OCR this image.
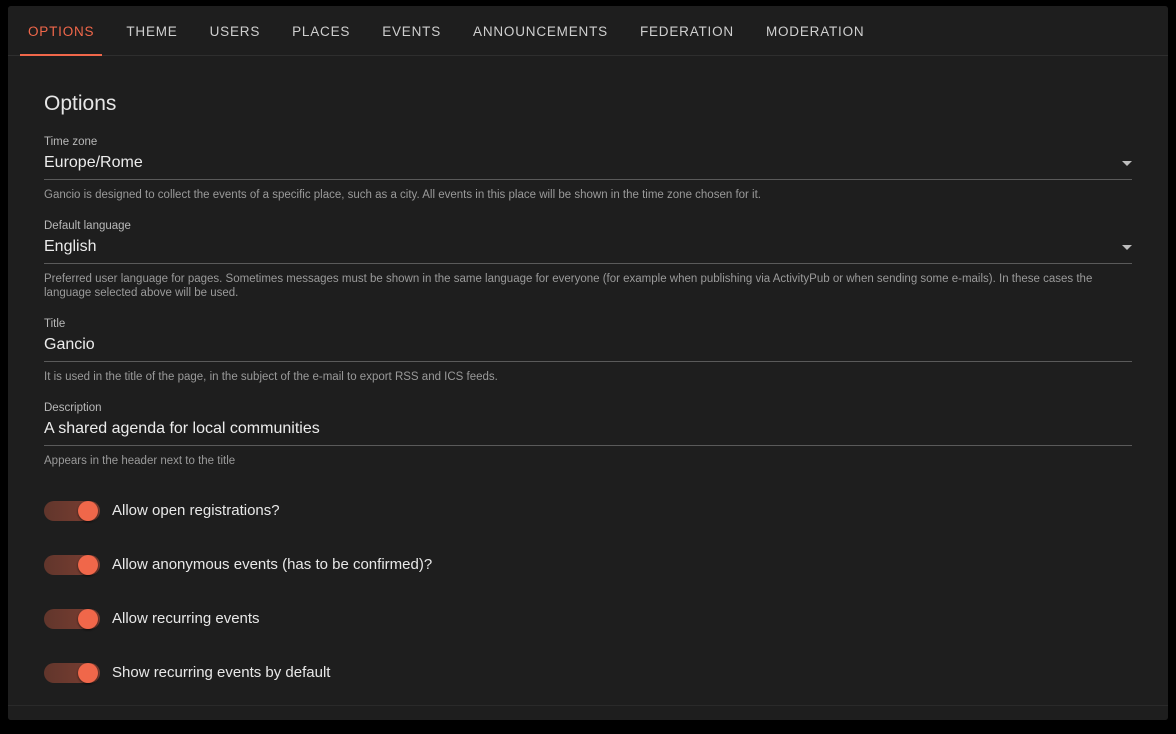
OPTIONS THEME USERS PLACES EVENTS ANNOUNCEMENTS FEDERATION MODERATION
Options
Time zone
Europe/Rome
Gancio is designed to collect the events of a specific place, such as a city. All events in this place will be shown in the time zone chosen for it.
Default language
English
Preferred user language for pages. Sometimes messages must be shown in the same language for everyone (for example when publishing via ActivityPub or when sending some e-mails). In these cases the language selected above will be used.
Title
Gancio
It is used in the title of the page, in the subject of the e-mail to export RSS and ICS feeds.
Description
A shared agenda for local communities
Appears in the header next to the title
Allow open registrations?
Allow anonymous events (has to be confirmed)?
Allow recurring events
Show recurring events by default
